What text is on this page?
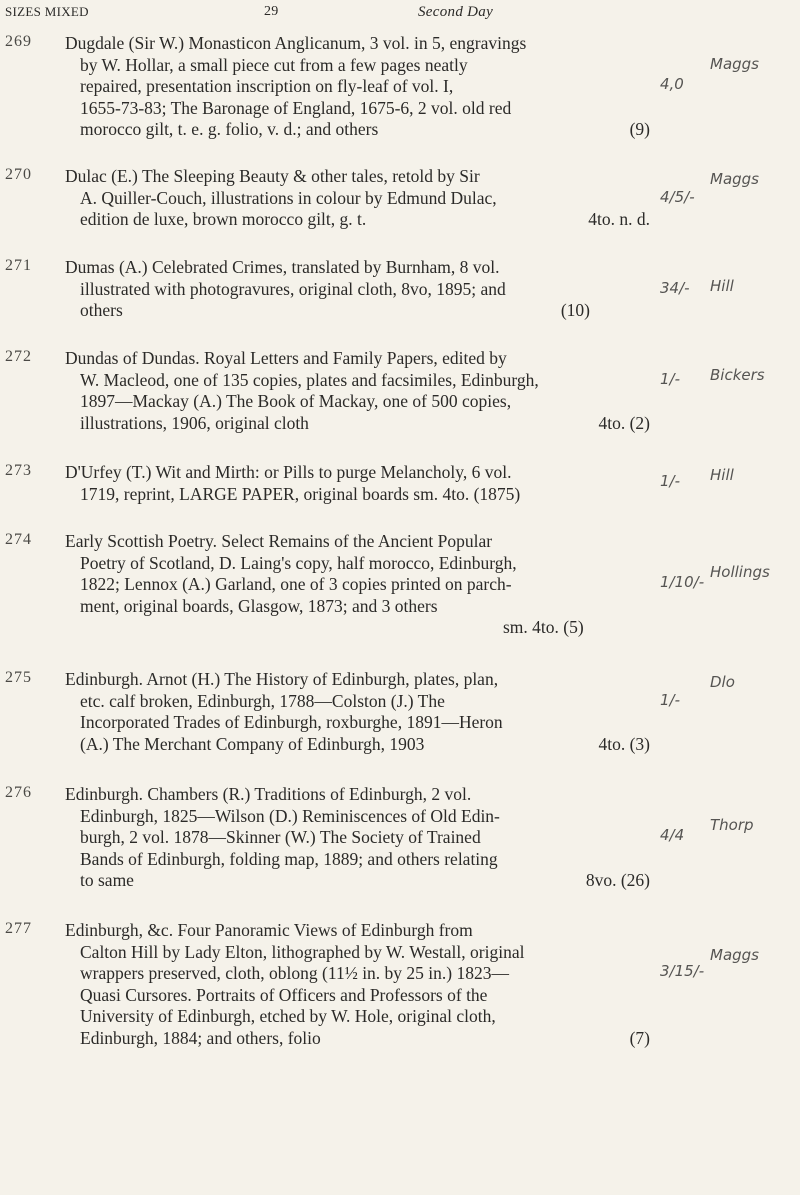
SIZES MIXED	29	Second Day
269 Dugdale (Sir W.) Monasticon Anglicanum, 3 vol. in 5, engravings

by W. Hollar, a small piece cut from a few pages neatly

repaired, presentation inscription on fly-leaf of vol. I,

1655-73-83; The Baronage of England, 1675-6, 2 vol. old red

morocco gilt, t. e. g. folio, v. d.; and others	(9)

4,0
Maggs
270 Dulac (E.) The Sleeping Beauty & other tales, retold by Sir

A. Quiller-Couch, illustrations in colour by Edmund Dulac,

edition de luxe, brown morocco gilt, g. t.	4to. n. d.

4/5/-
Maggs
271 Dumas (A.) Celebrated Crimes, translated by Burnham, 8 vol.

illustrated with photogravures, original cloth, 8vo, 1895; and

others	(10)

34/- Hill
272 Dundas of Dundas. Royal Letters and Family Papers, edited by

W. Macleod, one of 135 copies, plates and facsimiles, Edinburgh,

1897—Mackay (A.) The Book of Mackay, one of 500 copies,

illustrations, 1906, original cloth	4to. (2)

1/- Bickers
273 D'Urfey (T.) Wit and Mirth: or Pills to purge Melancholy, 6 vol.

1719, reprint, LARGE PAPER, original boards sm. 4to. (1875)

1/- Hill
274 Early Scottish Poetry. Select Remains of the Ancient Popular

Poetry of Scotland, D. Laing's copy, half morocco, Edinburgh,

1822; Lennox (A.) Garland, one of 3 copies printed on parch-

ment, original boards, Glasgow, 1873; and 3 others

sm. 4to. (5)

1/10/-
Hollings
275 Edinburgh. Arnot (H.) The History of Edinburgh, plates, plan,

etc. calf broken, Edinburgh, 1788—Colston (J.) The

Incorporated Trades of Edinburgh, roxburghe, 1891—Heron

(A.) The Merchant Company of Edinburgh, 1903	4to. (3)

1/-
Dlo
276 Edinburgh. Chambers (R.) Traditions of Edinburgh, 2 vol.

Edinburgh, 1825—Wilson (D.) Reminiscences of Old Edin-

burgh, 2 vol. 1878—Skinner (W.) The Society of Trained

Bands of Edinburgh, folding map, 1889; and others relating

to same	8vo. (26)

4/4
Thorp
277 Edinburgh, &c. Four Panoramic Views of Edinburgh from

Calton Hill by Lady Elton, lithographed by W. Westall, original

wrappers preserved, cloth, oblong (11½ in. by 25 in.) 1823—

Quasi Cursores. Portraits of Officers and Professors of the

University of Edinburgh, etched by W. Hole, original cloth,

Edinburgh, 1884; and others, folio	(7)

3/15/-
Maggs
